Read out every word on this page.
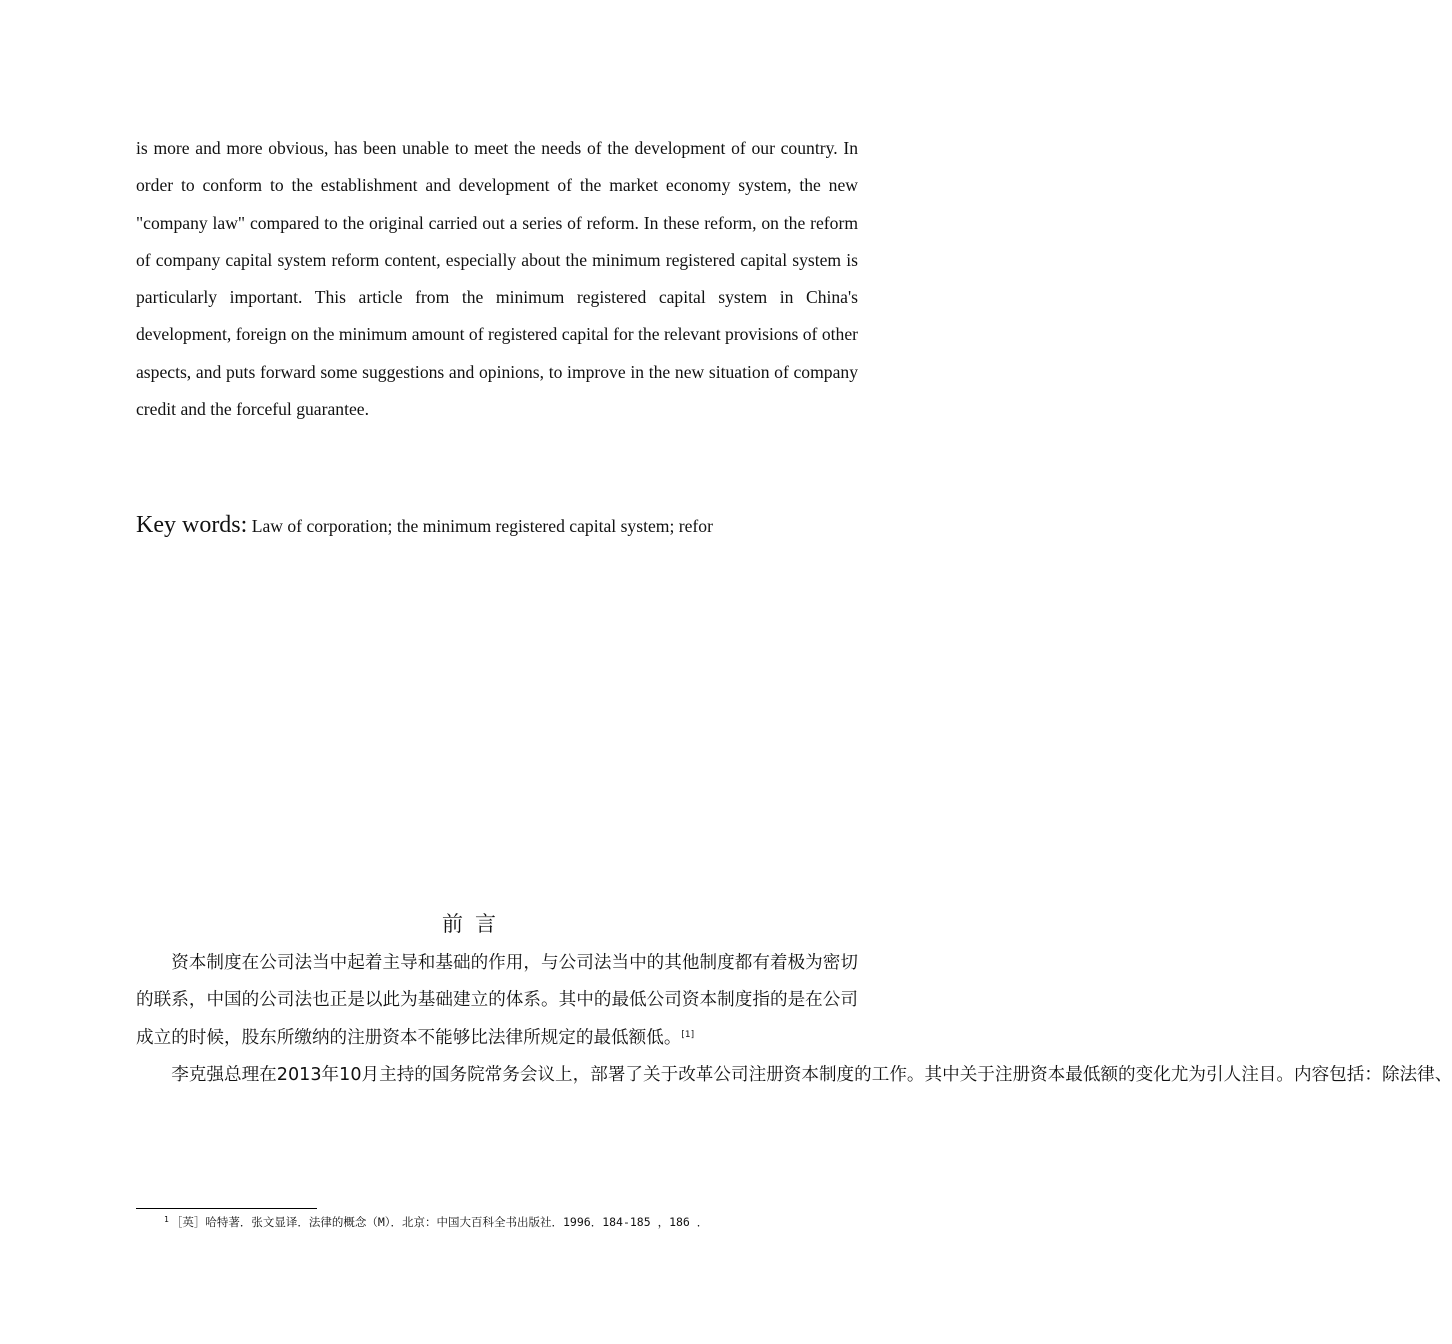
is more and more obvious, has been unable to meet the needs of the development of our country. In order to conform to the establishment and development of the market economy system, the new "company law" compared to the original carried out a series of reform. In these reform, on the reform of company capital system reform content, especially about the minimum registered capital system is particularly important. This article from the minimum registered capital system in China's development, foreign on the minimum amount of registered capital for the relevant provisions of other aspects, and puts forward some suggestions and opinions, to improve in the new situation of company credit and the forceful guarantee.

Key words: Law of corporation; the minimum registered capital system; refor
前言

资本制度在公司法当中起着主导和基础的作用，与公司法当中的其他制度都有着极为密切的联系，中国的公司法也正是以此为基础建立的体系。其中的最低公司资本制度指的是在公司成立的时候，股东所缴纳的注册资本不能够比法律所规定的最低额低。[1]

李克强总理在2013年10月主持的国务院常务会议上，部署了关于改革公司注册资本制度的工作。其中关于注册资本最低额的变化尤为引人注目。内容包括：除法律、

$^1$ ［英］哈特著．张文显译．法律的概念（M）．北京：中国大百科全书出版社．1996．184-185 ，186 ．
